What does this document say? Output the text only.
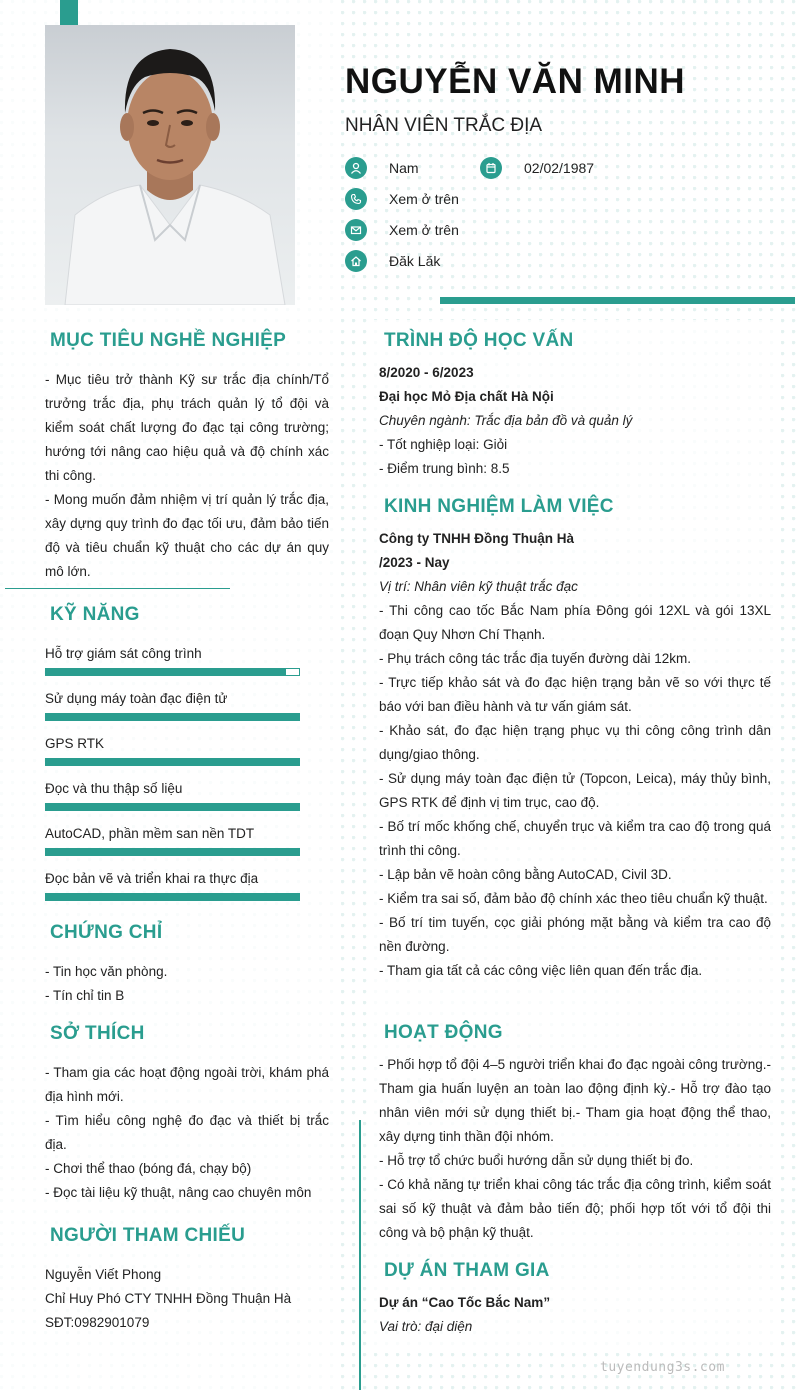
NGUYỄN VĂN MINH
NHÂN VIÊN TRẮC ĐỊA
Nam	02/02/1987
Xem ở trên
Xem ở trên
Đăk Lăk
MỤC TIÊU NGHỀ NGHIỆP

- Mục tiêu trở thành Kỹ sư trắc địa chính/Tổ trưởng trắc địa, phụ trách quản lý tổ đội và kiểm soát chất lượng đo đạc tại công trường; hướng tới nâng cao hiệu quả và độ chính xác thi công.

- Mong muốn đảm nhiệm vị trí quản lý trắc địa, xây dựng quy trình đo đạc tối ưu, đảm bảo tiến độ và tiêu chuẩn kỹ thuật cho các dự án quy mô lớn.

KỸ NĂNG
Hỗ trợ giám sát công trình
Sử dụng máy toàn đạc điện tử
GPS RTK
Đọc và thu thập số liệu
AutoCAD, phần mềm san nền TDT
Đọc bản vẽ và triển khai ra thực địa
CHỨNG CHỈ

- Tin học văn phòng.

- Tín chỉ tin B

SỞ THÍCH

- Tham gia các hoạt động ngoài trời, khám phá địa hình mới.

- Tìm hiểu công nghệ đo đạc và thiết bị trắc địa.

- Chơi thể thao (bóng đá, chạy bộ)

- Đọc tài liệu kỹ thuật, nâng cao chuyên môn

NGƯỜI THAM CHIẾU

Nguyễn Viết Phong

Chỉ Huy Phó CTY TNHH Đồng Thuận Hà

SĐT:0982901079

TRÌNH ĐỘ HỌC VẤN

8/2020 - 6/2023

Đại học Mỏ Địa chất Hà Nội

Chuyên ngành: Trắc địa bản đồ và quản lý

- Tốt nghiệp loại: Giỏi

- Điểm trung bình: 8.5

KINH NGHIỆM LÀM VIỆC

Công ty TNHH Đồng Thuận Hà

/2023 - Nay

Vị trí: Nhân viên kỹ thuật trắc đạc

- Thi công cao tốc Bắc Nam phía Đông gói 12XL và gói 13XL đoạn Quy Nhơn Chí Thạnh.

- Phụ trách công tác trắc địa tuyến đường dài 12km.

- Trực tiếp khảo sát và đo đạc hiện trạng bản vẽ so với thực tế báo với ban điều hành và tư vấn giám sát.

- Khảo sát, đo đạc hiện trạng phục vụ thi công công trình dân dụng/giao thông.

- Sử dụng máy toàn đạc điện tử (Topcon, Leica), máy thủy bình, GPS RTK để định vị tim trục, cao độ.

- Bố trí mốc khống chế, chuyển trục và kiểm tra cao độ trong quá trình thi công.

- Lập bản vẽ hoàn công bằng AutoCAD, Civil 3D.

- Kiểm tra sai số, đảm bảo độ chính xác theo tiêu chuẩn kỹ thuật.

- Bố trí tim tuyến, cọc giải phóng mặt bằng và kiểm tra cao độ nền đường.

- Tham gia tất cả các công việc liên quan đến trắc địa.

HOẠT ĐỘNG

- Phối hợp tổ đội 4–5 người triển khai đo đạc ngoài công trường.- Tham gia huấn luyện an toàn lao động định kỳ.- Hỗ trợ đào tạo nhân viên mới sử dụng thiết bị.- Tham gia hoạt động thể thao, xây dựng tinh thần đội nhóm.

- Hỗ trợ tổ chức buổi hướng dẫn sử dụng thiết bị đo.

- Có khả năng tự triển khai công tác trắc địa công trình, kiểm soát sai số kỹ thuật và đảm bảo tiến độ; phối hợp tốt với tổ đội thi công và bộ phận kỹ thuật.

DỰ ÁN THAM GIA

Dự án “Cao Tốc Bắc Nam”

Vai trò: đại diện

tuyendung3s.com
